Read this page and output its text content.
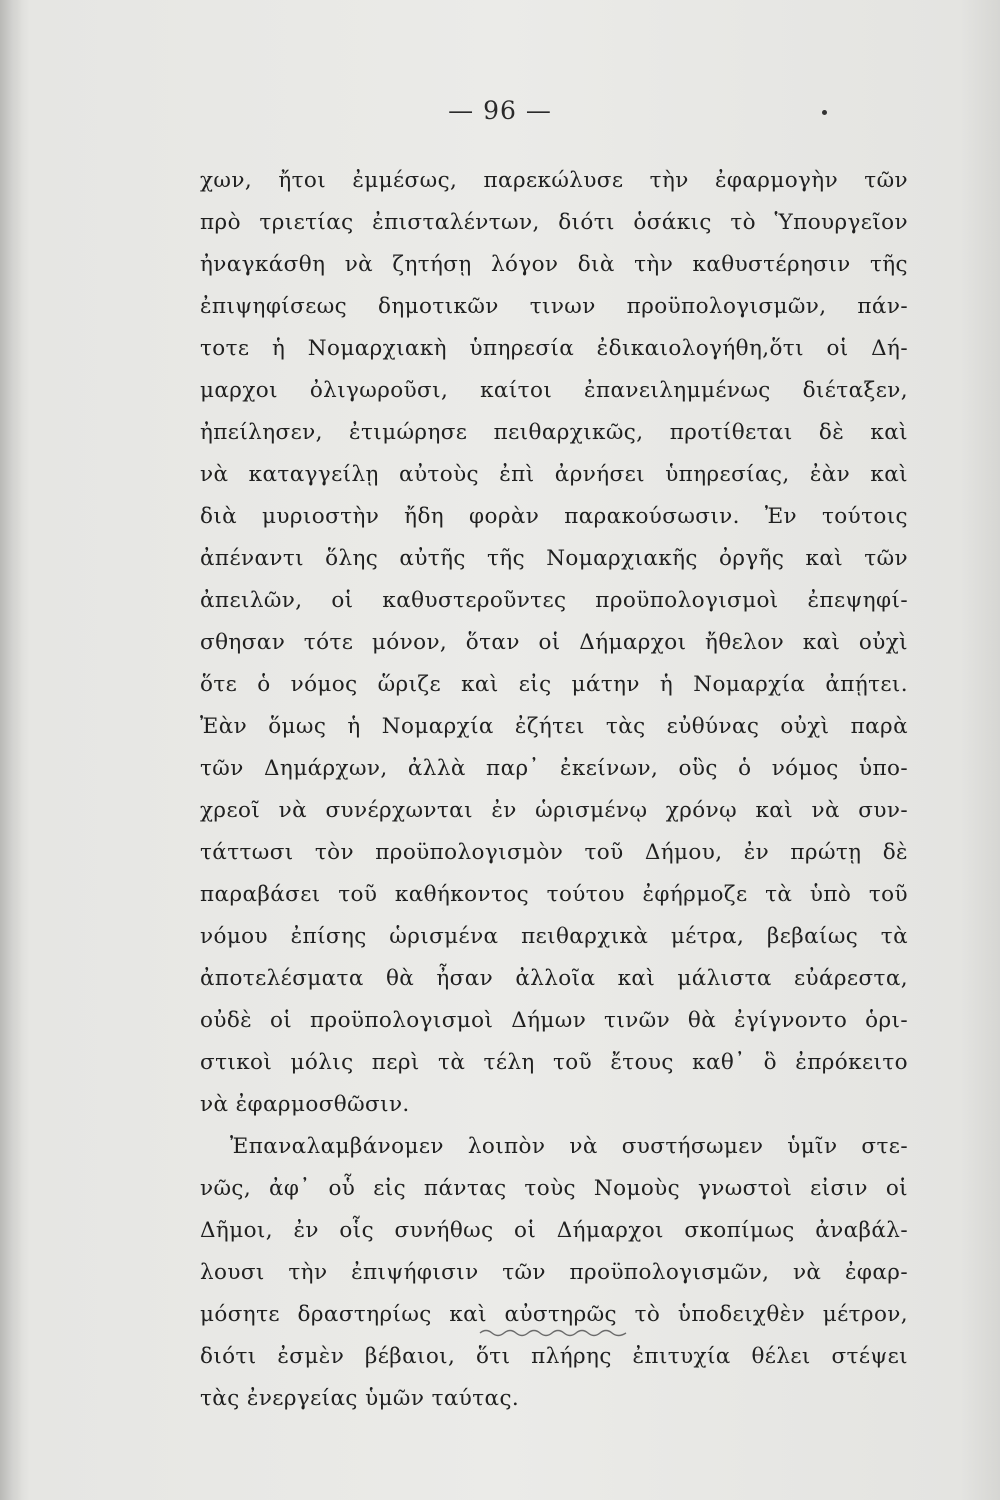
— 96 —
χων, ἤτοι ἐμμέσως, παρεκώλυσε τὴν ἐφαρμογὴν τῶν
πρὸ τριετίας ἐπισταλέντων, διότι ὁσάκις τὸ Ὑπουργεῖον
ἠναγκάσθη νὰ ζητήσῃ λόγον διὰ τὴν καθυστέρησιν τῆς
ἐπιψηφίσεως δημοτικῶν τινων προϋπολογισμῶν, πάν-
τοτε ἡ Νομαρχιακὴ ὑπηρεσία ἐδικαιολογήθη,ὅτι οἱ Δή-
μαρχοι ὀλιγωροῦσι, καίτοι ἐπανειλημμένως διέταξεν,
ἠπείλησεν, ἐτιμώρησε πειθαρχικῶς, προτίθεται δὲ καὶ
νὰ καταγγείλῃ αὐτοὺς ἐπὶ ἀρνήσει ὑπηρεσίας, ἐὰν καὶ
διὰ μυριοστὴν ἤδη φορὰν παρακούσωσιν. Ἐν τούτοις
ἀπέναντι ὅλης αὐτῆς τῆς Νομαρχιακῆς ὀργῆς καὶ τῶν
ἀπειλῶν, οἱ καθυστεροῦντες προϋπολογισμοὶ ἐπεψηφί-
σθησαν τότε μόνον, ὅταν οἱ Δήμαρχοι ἤθελον καὶ οὐχὶ
ὅτε ὁ νόμος ὥριζε καὶ εἰς μάτην ἡ Νομαρχία ἀπῄτει.
Ἐὰν ὅμως ἡ Νομαρχία ἐζήτει τὰς εὐθύνας οὐχὶ παρὰ
τῶν Δημάρχων, ἀλλὰ παρ᾽ ἐκείνων, οὓς ὁ νόμος ὑπο-
χρεοῖ νὰ συνέρχωνται ἐν ὡρισμένῳ χρόνῳ καὶ νὰ συν-
τάττωσι τὸν προϋπολογισμὸν τοῦ Δήμου, ἐν πρώτῃ δὲ
παραβάσει τοῦ καθήκοντος τούτου ἐφήρμοζε τὰ ὑπὸ τοῦ
νόμου ἐπίσης ὡρισμένα πειθαρχικὰ μέτρα, βεβαίως τὰ
ἀποτελέσματα θὰ ἦσαν ἀλλοῖα καὶ μάλιστα εὐάρεστα,
οὐδὲ οἱ προϋπολογισμοὶ Δήμων τινῶν θὰ ἐγίγνοντο ὁρι-
στικοὶ μόλις περὶ τὰ τέλη τοῦ ἔτους καθ᾽ ὃ ἐπρόκειτο
νὰ ἐφαρμοσθῶσιν.
Ἐπαναλαμβάνομεν λοιπὸν νὰ συστήσωμεν ὑμῖν στε-
νῶς, ἀφ᾽ οὗ εἰς πάντας τοὺς Νομοὺς γνωστοὶ εἰσιν οἱ
Δῆμοι, ἐν οἷς συνήθως οἱ Δήμαρχοι σκοπίμως ἀναβάλ-
λουσι τὴν ἐπιψήφισιν τῶν προϋπολογισμῶν, νὰ ἐφαρ-
μόσητε δραστηρίως καὶ αὐστηρῶς τὸ ὑποδειχθὲν μέτρον,
διότι ἐσμὲν βέβαιοι, ὅτι πλήρης ἐπιτυχία θέλει στέψει
τὰς ἐνεργείας ὑμῶν ταύτας.
